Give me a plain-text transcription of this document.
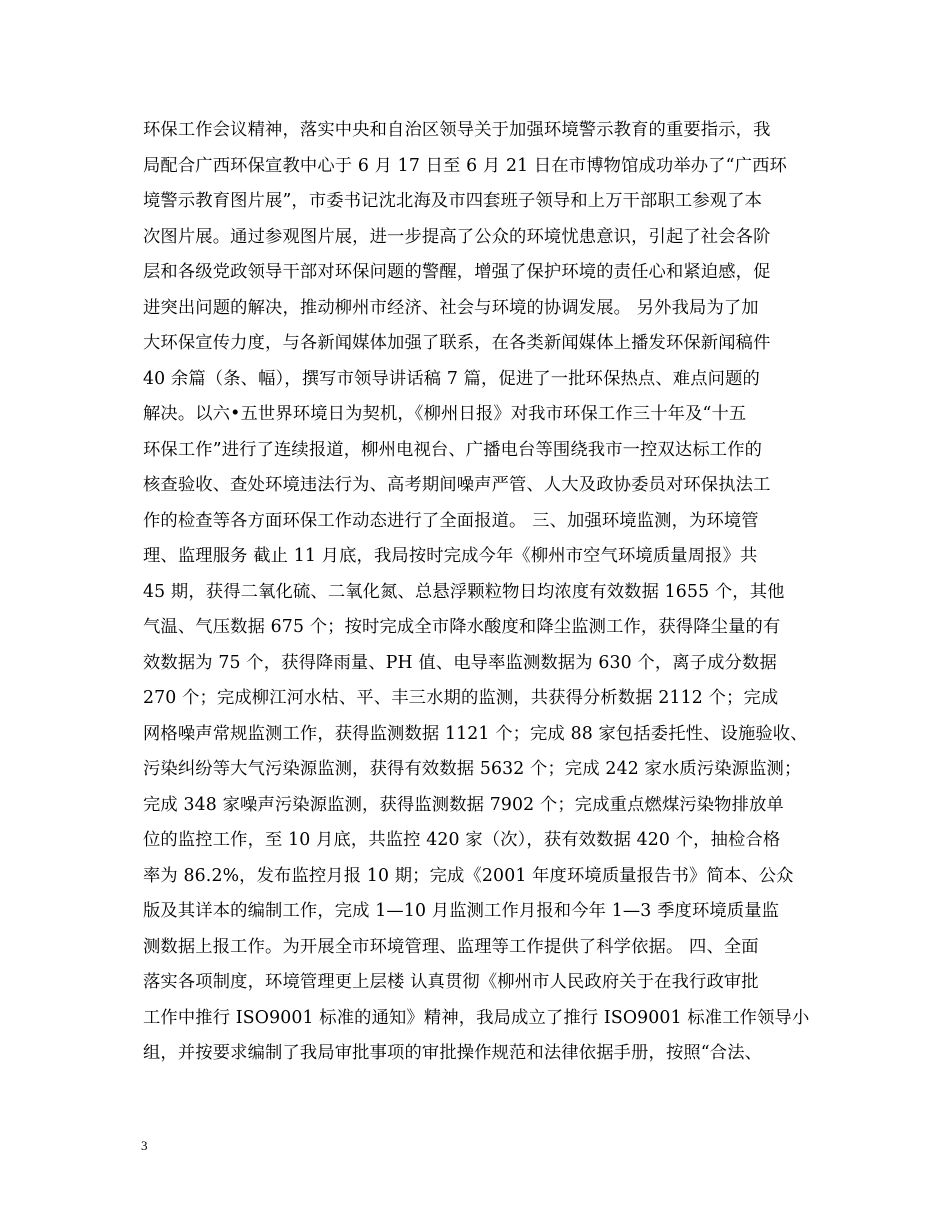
环保工作会议精神，落实中央和自治区领导关于加强环境警示教育的重要指示，我
局配合广西环保宣教中心于 6 月 17 日至 6 月 21 日在市博物馆成功举办了“广西环
境警示教育图片展”，市委书记沈北海及市四套班子领导和上万干部职工参观了本
次图片展。通过参观图片展，进一步提高了公众的环境忧患意识，引起了社会各阶
层和各级党政领导干部对环保问题的警醒，增强了保护环境的责任心和紧迫感，促
进突出问题的解决，推动柳州市经济、社会与环境的协调发展。 另外我局为了加
大环保宣传力度，与各新闻媒体加强了联系，在各类新闻媒体上播发环保新闻稿件
40 余篇（条、幅），撰写市领导讲话稿 7 篇，促进了一批环保热点、难点问题的
解决。以六•五世界环境日为契机，《柳州日报》对我市环保工作三十年及“十五
环保工作”进行了连续报道，柳州电视台、广播电台等围绕我市一控双达标工作的
核查验收、查处环境违法行为、高考期间噪声严管、人大及政协委员对环保执法工
作的检查等各方面环保工作动态进行了全面报道。 三、加强环境监测，为环境管
理、监理服务 截止 11 月底，我局按时完成今年《柳州市空气环境质量周报》共
45 期，获得二氧化硫、二氧化氮、总悬浮颗粒物日均浓度有效数据 1655 个，其他
气温、气压数据 675 个；按时完成全市降水酸度和降尘监测工作，获得降尘量的有
效数据为 75 个，获得降雨量、PH 值、电导率监测数据为 630 个，离子成分数据
270 个；完成柳江河水枯、平、丰三水期的监测，共获得分析数据 2112 个；完成
网格噪声常规监测工作，获得监测数据 1121 个；完成 88 家包括委托性、设施验收、
污染纠纷等大气污染源监测，获得有效数据 5632 个；完成 242 家水质污染源监测；
完成 348 家噪声污染源监测，获得监测数据 7902 个；完成重点燃煤污染物排放单
位的监控工作，至 10 月底，共监控 420 家（次），获有效数据 420 个，抽检合格
率为 86.2%，发布监控月报 10 期；完成《2001 年度环境质量报告书》简本、公众
版及其详本的编制工作，完成 1—10 月监测工作月报和今年 1—3 季度环境质量监
测数据上报工作。为开展全市环境管理、监理等工作提供了科学依据。 四、全面
落实各项制度，环境管理更上层楼 认真贯彻《柳州市人民政府关于在我行政审批
工作中推行 ISO9001 标准的通知》精神，我局成立了推行 ISO9001 标准工作领导小
组，并按要求编制了我局审批事项的审批操作规范和法律依据手册，按照“合法、
3
